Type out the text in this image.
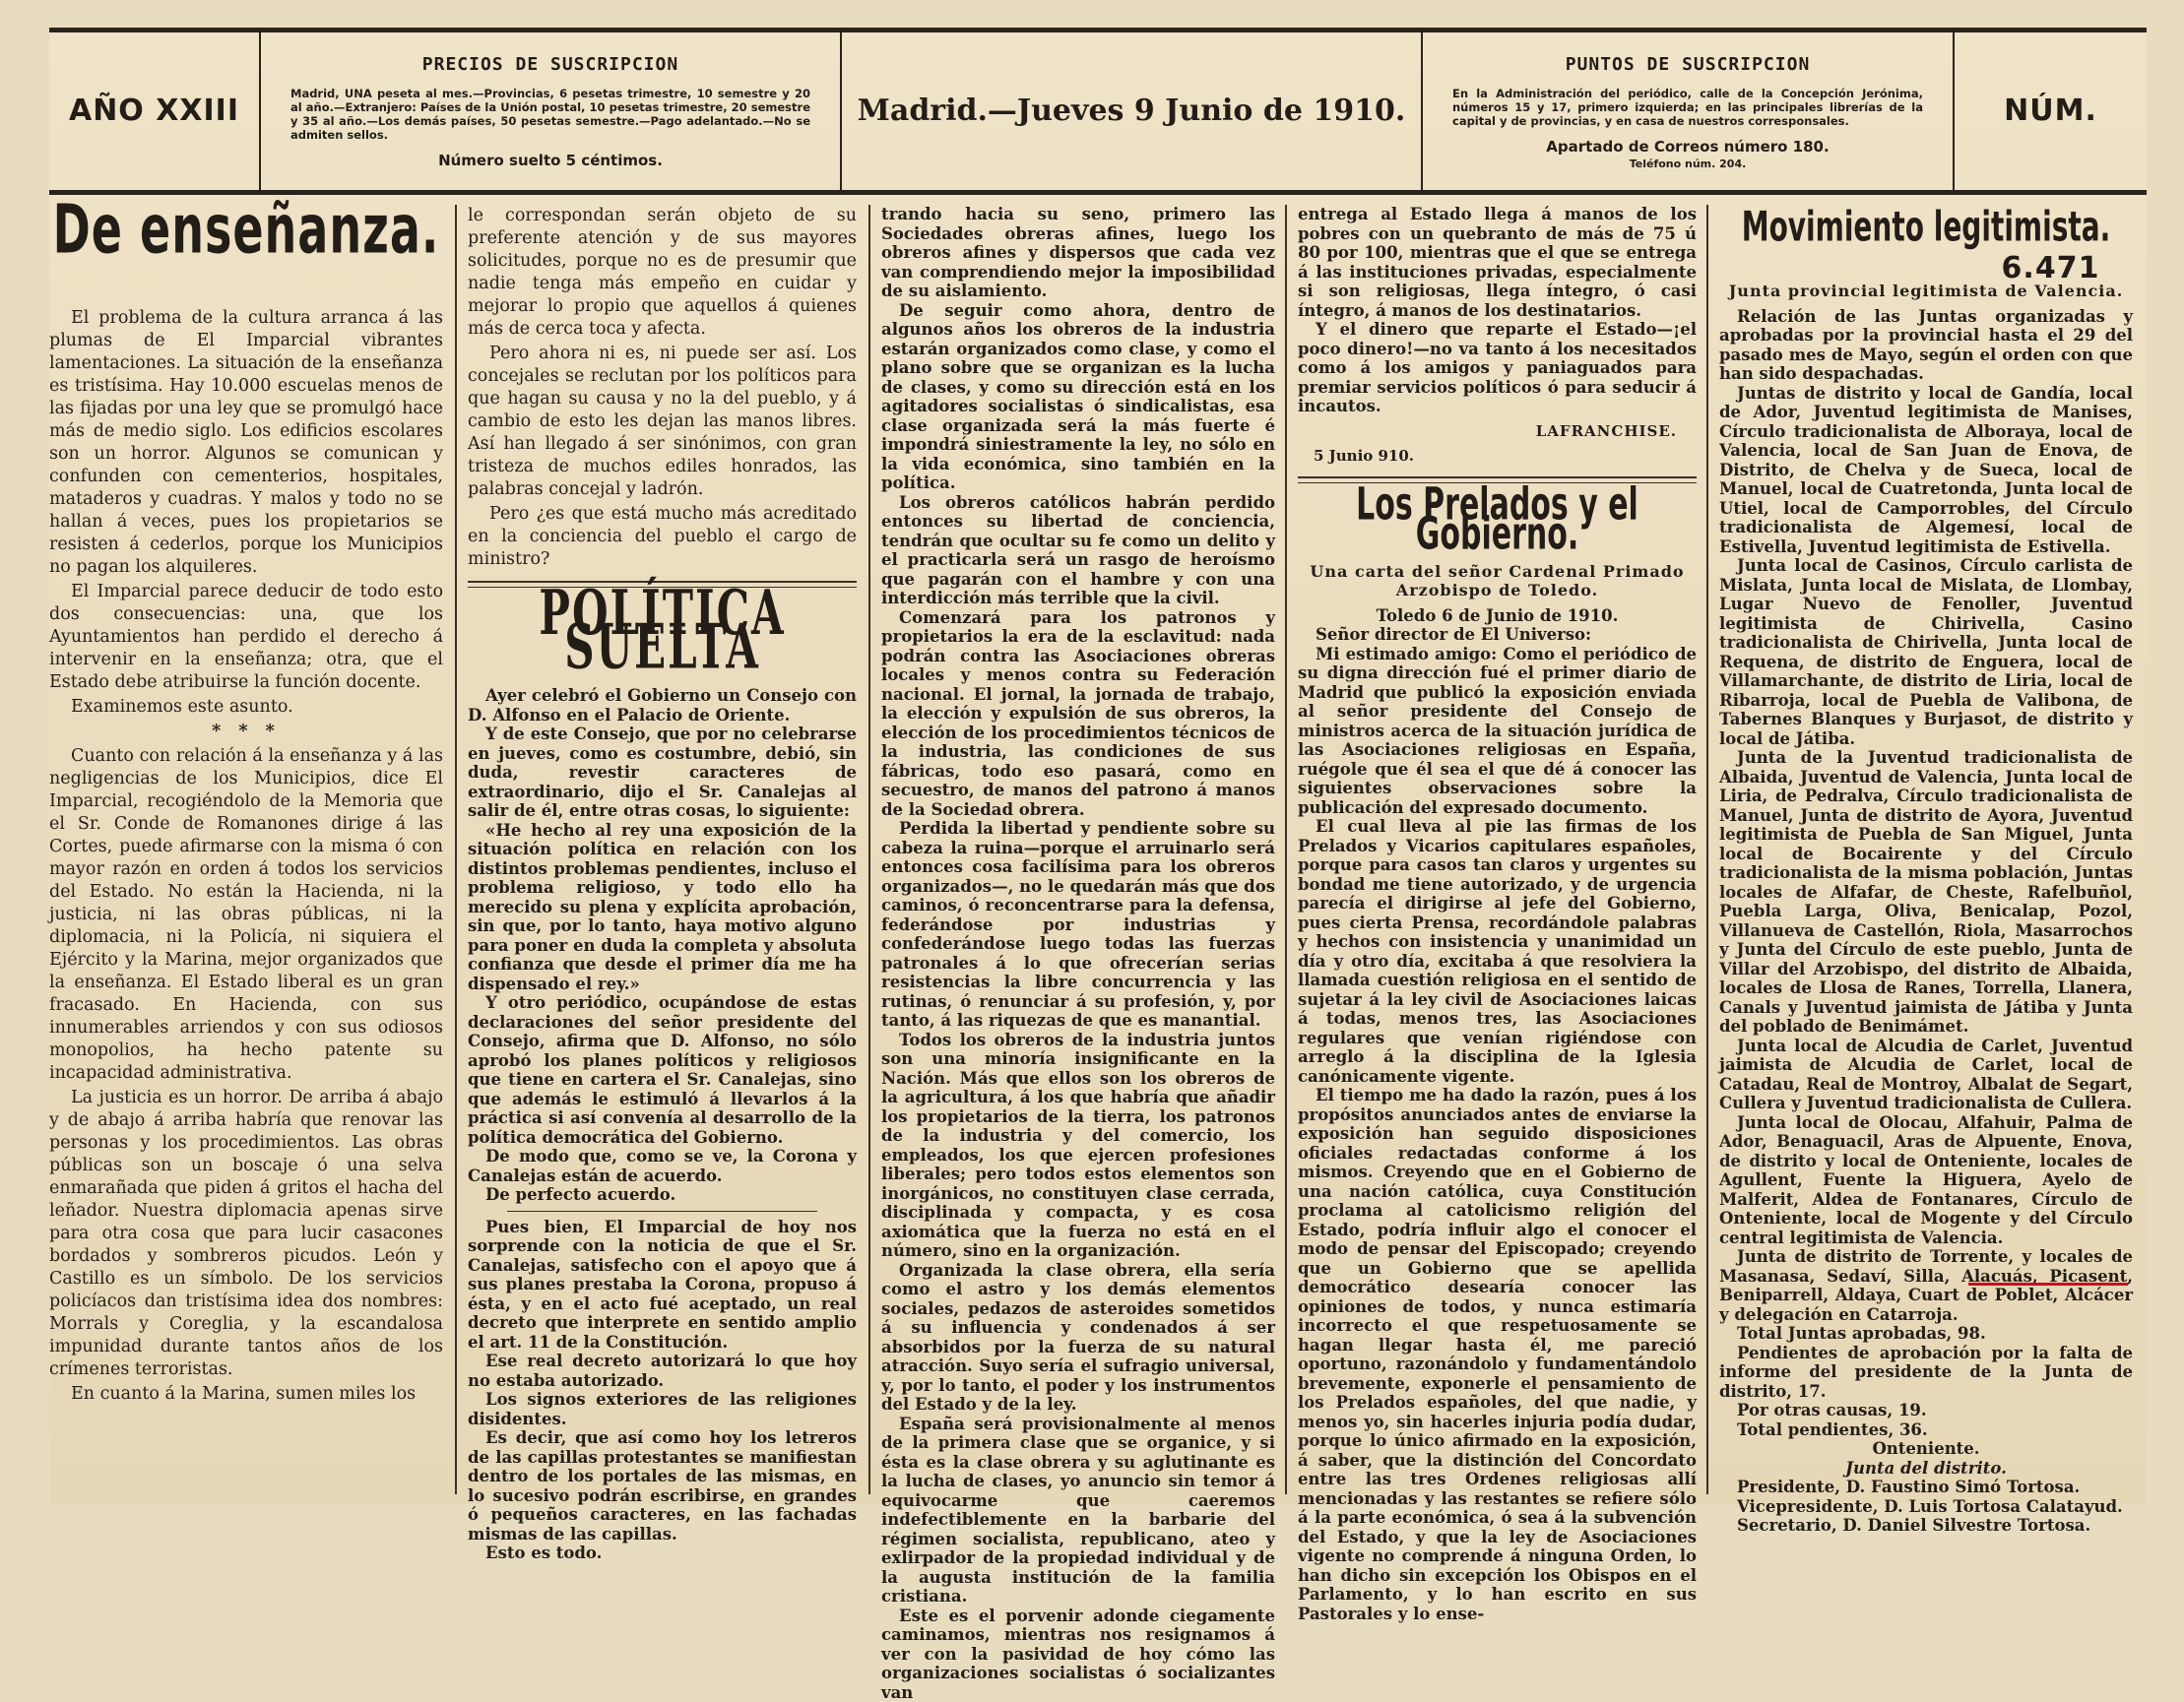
AÑO XXIII
PRECIOS DE SUSCRIPCION
Madrid, UNA peseta al mes.—Provincias, 6 pesetas trimestre, 10 semestre y 20 al año.—Extranjero: Países de la Unión postal, 10 pesetas trimestre, 20 semestre y 35 al año.—Los demás países, 50 pesetas semestre.—Pago adelantado.—No se admiten sellos.
Número suelto 5 céntimos.
Madrid.—Jueves 9 Junio de 1910.
PUNTOS DE SUSCRIPCION
En la Administración del periódico, calle de la Concepción Jerónima, números 15 y 17, primero izquierda; en las principales librerías de la capital y de provincias, y en casa de nuestros corresponsales.
Apartado de Correos número 180.
Teléfono núm. 204.
NÚM. 6.471
De enseñanza.

El problema de la cultura arranca á las plumas de El Imparcial vibrantes lamentaciones. La situación de la enseñanza es tristísima. Hay 10.000 escuelas menos de las fijadas por una ley que se promulgó hace más de medio siglo. Los edificios escolares son un horror. Algunos se comunican y confunden con cementerios, hospitales, mataderos y cuadras. Y malos y todo no se hallan á veces, pues los propietarios se resisten á cederlos, porque los Municipios no pagan los alquileres.

El Imparcial parece deducir de todo esto dos consecuencias: una, que los Ayuntamientos han perdido el derecho á intervenir en la enseñanza; otra, que el Estado debe atribuirse la función docente.

Examinemos este asunto.

* * *

Cuanto con relación á la enseñanza y á las negligencias de los Municipios, dice El Imparcial, recogiéndolo de la Memoria que el Sr. Conde de Romanones dirige á las Cortes, puede afirmarse con la misma ó con mayor razón en orden á todos los servicios del Estado. No están la Hacienda, ni la justicia, ni las obras públicas, ni la diplomacia, ni la Policía, ni siquiera el Ejército y la Marina, mejor organizados que la enseñanza. El Estado liberal es un gran fracasado. En Hacienda, con sus innumerables arriendos y con sus odiosos monopolios, ha hecho patente su incapacidad administrativa.

La justicia es un horror. De arriba á abajo y de abajo á arriba habría que renovar las personas y los procedimientos. Las obras públicas son un boscaje ó una selva enmarañada que piden á gritos el hacha del leñador. Nuestra diplomacia apenas sirve para otra cosa que para lucir casacones bordados y sombreros picudos. León y Castillo es un símbolo. De los servicios policíacos dan tristísima idea dos nombres: Morrals y Coreglia, y la escandalosa impunidad durante tantos años de los crímenes terroristas.

En cuanto á la Marina, sumen miles los

le correspondan serán objeto de su preferente atención y de sus mayores solicitudes, porque no es de presumir que nadie tenga más empeño en cuidar y mejorar lo propio que aquellos á quienes más de cerca toca y afecta.

Pero ahora ni es, ni puede ser así. Los concejales se reclutan por los políticos para que hagan su causa y no la del pueblo, y á cambio de esto les dejan las manos libres. Así han llegado á ser sinónimos, con gran tristeza de muchos ediles honrados, las palabras concejal y ladrón.

Pero ¿es que está mucho más acreditado en la conciencia del pueblo el cargo de ministro?

POLÍTICA SUELTA

Ayer celebró el Gobierno un Consejo con D. Alfonso en el Palacio de Oriente.

Y de este Consejo, que por no celebrarse en jueves, como es costumbre, debió, sin duda, revestir caracteres de extraordinario, dijo el Sr. Canalejas al salir de él, entre otras cosas, lo siguiente:

«He hecho al rey una exposición de la situación política en relación con los distintos problemas pendientes, incluso el problema religioso, y todo ello ha merecido su plena y explícita aprobación, sin que, por lo tanto, haya motivo alguno para poner en duda la completa y absoluta confianza que desde el primer día me ha dispensado el rey.»

Y otro periódico, ocupándose de estas declaraciones del señor presidente del Consejo, afirma que D. Alfonso, no sólo aprobó los planes políticos y religiosos que tiene en cartera el Sr. Canalejas, sino que además le estimuló á llevarlos á la práctica si así convenía al desarrollo de la política democrática del Gobierno.

De modo que, como se ve, la Corona y Canalejas están de acuerdo.

De perfecto acuerdo.

Pues bien, El Imparcial de hoy nos sorprende con la noticia de que el Sr. Canalejas, satisfecho con el apoyo que á sus planes prestaba la Corona, propuso á ésta, y en el acto fué aceptado, un real decreto que interprete en sentido amplio el art. 11 de la Constitución.

Ese real decreto autorizará lo que hoy no estaba autorizado.

Los signos exteriores de las religiones disidentes.

Es decir, que así como hoy los letreros de las capillas protestantes se manifiestan dentro de los portales de las mismas, en lo sucesivo podrán escribirse, en grandes ó pequeños caracteres, en las fachadas mismas de las capillas.

Esto es todo.

trando hacia su seno, primero las Sociedades obreras afines, luego los obreros afines y dispersos que cada vez van comprendiendo mejor la imposibilidad de su aislamiento.

De seguir como ahora, dentro de algunos años los obreros de la industria estarán organizados como clase, y como el plano sobre que se organizan es la lucha de clases, y como su dirección está en los agitadores socialistas ó sindicalistas, esa clase organizada será la más fuerte é impondrá siniestramente la ley, no sólo en la vida económica, sino también en la política.

Los obreros católicos habrán perdido entonces su libertad de conciencia, tendrán que ocultar su fe como un delito y el practicarla será un rasgo de heroísmo que pagarán con el hambre y con una interdicción más terrible que la civil.

Comenzará para los patronos y propietarios la era de la esclavitud: nada podrán contra las Asociaciones obreras locales y menos contra su Federación nacional. El jornal, la jornada de trabajo, la elección y expulsión de sus obreros, la elección de los procedimientos técnicos de la industria, las condiciones de sus fábricas, todo eso pasará, como en secuestro, de manos del patrono á manos de la Sociedad obrera.

Perdida la libertad y pendiente sobre su cabeza la ruina—porque el arruinarlo será entonces cosa facilísima para los obreros organizados—, no le quedarán más que dos caminos, ó reconcentrarse para la defensa, federándose por industrias y confederándose luego todas las fuerzas patronales á lo que ofrecerían serias resistencias la libre concurrencia y las rutinas, ó renunciar á su profesión, y, por tanto, á las riquezas de que es manantial.

Todos los obreros de la industria juntos son una minoría insignificante en la Nación. Más que ellos son los obreros de la agricultura, á los que habría que añadir los propietarios de la tierra, los patronos de la industria y del comercio, los empleados, los que ejercen profesiones liberales; pero todos estos elementos son inorgánicos, no constituyen clase cerrada, disciplinada y compacta, y es cosa axiomática que la fuerza no está en el número, sino en la organización.

Organizada la clase obrera, ella sería como el astro y los demás elementos sociales, pedazos de asteroides sometidos á su influencia y condenados á ser absorbidos por la fuerza de su natural atracción. Suyo sería el sufragio universal, y, por lo tanto, el poder y los instrumentos del Estado y de la ley.

España será provisionalmente al menos de la primera clase que se organice, y si ésta es la clase obrera y su aglutinante es la lucha de clases, yo anuncio sin temor á equivocarme que caeremos indefectiblemente en la barbarie del régimen socialista, republicano, ateo y exlirpador de la propiedad individual y de la augusta institución de la familia cristiana.

Este es el porvenir adonde ciegamente caminamos, mientras nos resignamos á ver con la pasividad de hoy cómo las organizaciones socialistas ó socializantes van

entrega al Estado llega á manos de los pobres con un quebranto de más de 75 ú 80 por 100, mientras que el que se entrega á las instituciones privadas, especialmente si son religiosas, llega íntegro, ó casi íntegro, á manos de los destinatarios.

Y el dinero que reparte el Estado—¡el poco dinero!—no va tanto á los necesitados como á los amigos y paniaguados para premiar servicios políticos ó para seducir á incautos.

LAFRANCHISE.
5 Junio 910.
Los Prelados y el Gobierno.
Una carta del señor Cardenal Primado Arzobispo de Toledo.

Toledo 6 de Junio de 1910.

Señor director de El Universo:

Mi estimado amigo: Como el periódico de su digna dirección fué el primer diario de Madrid que publicó la exposición enviada al señor presidente del Consejo de ministros acerca de la situación jurídica de las Asociaciones religiosas en España, ruégole que él sea el que dé á conocer las siguientes observaciones sobre la publicación del expresado documento.

El cual lleva al pie las firmas de los Prelados y Vicarios capitulares españoles, porque para casos tan claros y urgentes su bondad me tiene autorizado, y de urgencia parecía el dirigirse al jefe del Gobierno, pues cierta Prensa, recordándole palabras y hechos con insistencia y unanimidad un día y otro día, excitaba á que resolviera la llamada cuestión religiosa en el sentido de sujetar á la ley civil de Asociaciones laicas á todas, menos tres, las Asociaciones regulares que venían rigiéndose con arreglo á la disciplina de la Iglesia canónicamente vigente.

El tiempo me ha dado la razón, pues á los propósitos anunciados antes de enviarse la exposición han seguido disposiciones oficiales redactadas conforme á los mismos. Creyendo que en el Gobierno de una nación católica, cuya Constitución proclama al catolicismo religión del Estado, podría influir algo el conocer el modo de pensar del Episcopado; creyendo que un Gobierno que se apellida democrático desearía conocer las opiniones de todos, y nunca estimaría incorrecto el que respetuosamente se hagan llegar hasta él, me pareció oportuno, razonándolo y fundamentándolo brevemente, exponerle el pensamiento de los Prelados españoles, del que nadie, y menos yo, sin hacerles injuria podía dudar, porque lo único afirmado en la exposición, á saber, que la distinción del Concordato entre las tres Ordenes religiosas allí mencionadas y las restantes se refiere sólo á la parte económica, ó sea á la subvención del Estado, y que la ley de Asociaciones vigente no comprende á ninguna Orden, lo han dicho sin excepción los Obispos en el Parlamento, y lo han escrito en sus Pastorales y lo ense-

Movimiento legitimista.
Junta provincial legitimista de Valencia.

Relación de las Juntas organizadas y aprobadas por la provincial hasta el 29 del pasado mes de Mayo, según el orden con que han sido despachadas.

Juntas de distrito y local de Gandía, local de Ador, Juventud legitimista de Manises, Círculo tradicionalista de Alboraya, local de Valencia, local de San Juan de Enova, de Distrito, de Chelva y de Sueca, local de Manuel, local de Cuatretonda, Junta local de Utiel, local de Camporrobles, del Círculo tradicionalista de Algemesí, local de Estivella, Juventud legitimista de Estivella.

Junta local de Casinos, Círculo carlista de Mislata, Junta local de Mislata, de Llombay, Lugar Nuevo de Fenoller, Juventud legitimista de Chirivella, Casino tradicionalista de Chirivella, Junta local de Requena, de distrito de Enguera, local de Villamarchante, de distrito de Liria, local de Ribarroja, local de Puebla de Valibona, de Tabernes Blanques y Burjasot, de distrito y local de Játiba.

Junta de la Juventud tradicionalista de Albaida, Juventud de Valencia, Junta local de Liria, de Pedralva, Círculo tradicionalista de Manuel, Junta de distrito de Ayora, Juventud legitimista de Puebla de San Miguel, Junta local de Bocairente y del Círculo tradicionalista de la misma población, Juntas locales de Alfafar, de Cheste, Rafelbuñol, Puebla Larga, Oliva, Benicalap, Pozol, Villanueva de Castellón, Riola, Masarrochos y Junta del Círculo de este pueblo, Junta de Villar del Arzobispo, del distrito de Albaida, locales de Llosa de Ranes, Torrella, Llanera, Canals y Juventud jaimista de Játiba y Junta del poblado de Benimámet.

Junta local de Alcudia de Carlet, Juventud jaimista de Alcudia de Carlet, local de Catadau, Real de Montroy, Albalat de Segart, Cullera y Juventud tradicionalista de Cullera.

Junta local de Olocau, Alfahuir, Palma de Ador, Benaguacil, Aras de Alpuente, Enova, de distrito y local de Onteniente, locales de Agullent, Fuente la Higuera, Ayelo de Malferit, Aldea de Fontanares, Círculo de Onteniente, local de Mogente y del Círculo central legitimista de Valencia.

Junta de distrito de Torrente, y locales de Masanasa, Sedaví, Silla, Alacuás, Picasent, Beniparrell, Aldaya, Cuart de Poblet, Alcácer y delegación en Catarroja.

Total Juntas aprobadas, 98.

Pendientes de aprobación por la falta de informe del presidente de la Junta de distrito, 17.

Por otras causas, 19.

Total pendientes, 36.

Onteniente.

Junta del distrito.

Presidente, D. Faustino Simó Tortosa.

Vicepresidente, D. Luis Tortosa Calatayud.

Secretario, D. Daniel Silvestre Tortosa.
